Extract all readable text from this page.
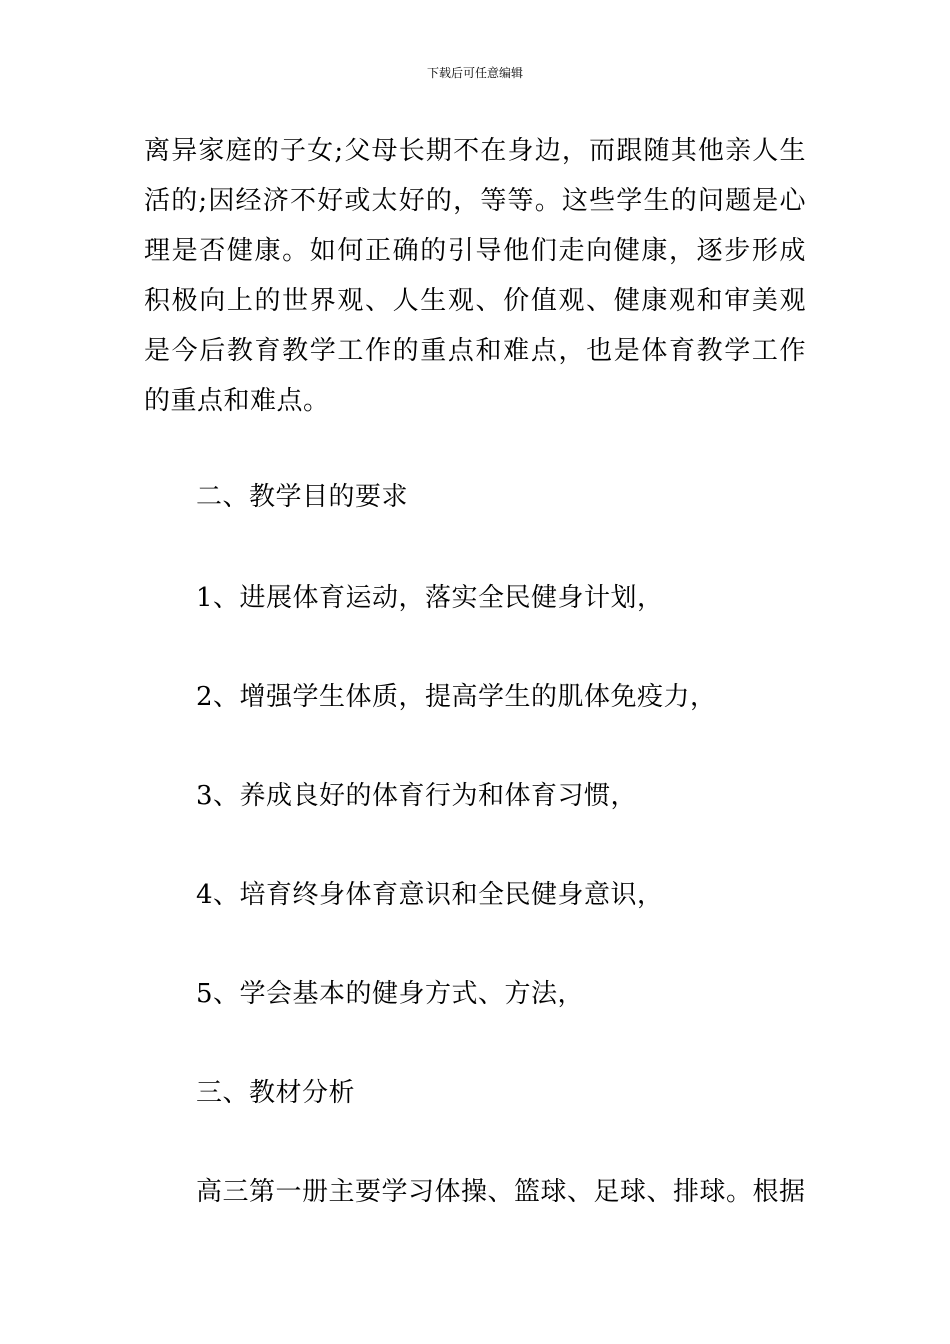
下载后可任意编辑
离异家庭的子女;父母长期不在身边，而跟随其他亲人生活的;因经济不好或太好的，等等。这些学生的问题是心理是否健康。如何正确的引导他们走向健康，逐步形成积极向上的世界观、人生观、价值观、健康观和审美观是今后教育教学工作的重点和难点，也是体育教学工作的重点和难点。
二、教学目的要求
1、进展体育运动，落实全民健身计划，
2、增强学生体质，提高学生的肌体免疫力，
3、养成良好的体育行为和体育习惯，
4、培育终身体育意识和全民健身意识，
5、学会基本的健身方式、方法，
三、教材分析
高三第一册主要学习体操、篮球、足球、排球。根据
